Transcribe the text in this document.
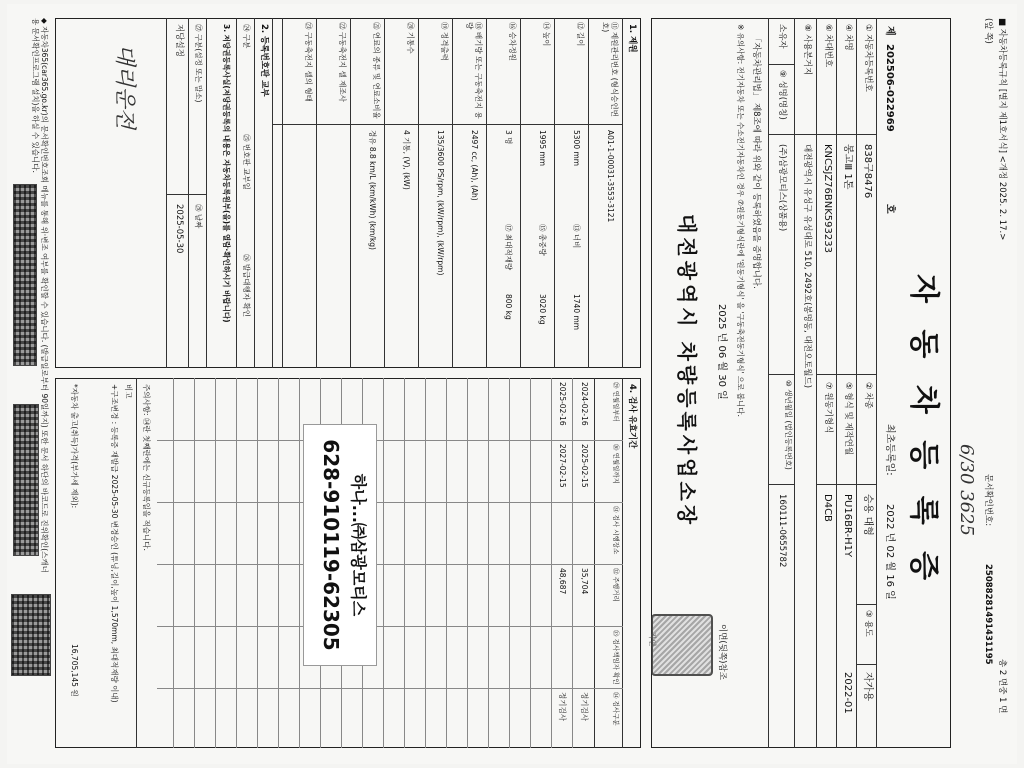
■ 자동차등록규칙 [별지 제1호서식] <개정 2025. 2. 17.>
총 2 면중 1 면
문서확인번호:
25088281491431195
(앞 쪽)
6/30 3625
자 동 차 등 록 증
제
202506-022969
호
최초등록일:
2022 년 02 월 16 일
① 자동차등록번호
838구8476
② 차종
승용 대형
③ 용도
자가용
④ 차명
봉고Ⅲ 1톤
⑤ 형식 및 제작연월
PU16BR-H1Y
2022-01
⑥ 차대번호
KNCSJZ76BNK593233
⑦ 원동기형식
D4CB
⑧ 사용본거지
대전광역시 유성구 유성대로 510, 2492호(봉명동, 대전오토월드)
소유자
⑨ 성명(명칭)
(주)삼광모티스(상품용)
⑩ 생년월일 (법인등록번호)
160111-0655782
「자동차관리법」 제8조에 따라 위와 같이 등록하였음을 증명합니다.
※ 유의사항: 전기자동차 또는 수소전기자동차인 경우 ⑦원동기형식란에 '원동기형식' 을 '구동축전동기형식' 으로 봅니다.
2025 년 06 월 30 일
이면(뒷쪽)참조
대전광역시 차량등록사업소장
직인
1. 제원
⑪ 제원관리번호 (형식승인번호)
A01-1-00031-3553-3121
⑫ 길이
5300 mm
⑬ 너비
1740 mm
⑭ 높이
1995 mm
⑮ 총중량
3020 kg
⑯ 승차정원
3 명
⑰ 최대적재량
800 kg
⑱ 배기량 또는 구동축전지 용량
2497 cc, (Ah), (Ah)
⑲ 정격출력
135/3600 PS/rpm, (kW/rpm), (kW/rpm)
⑳ 기통수
4 기통, (V), (kW)
㉑ 연료의 종류 및 연료소비율
경유 8.8 km/L (km/kWh) (km/kg)
㉒ 구동축전지 셀 제조사
㉓ 구동축전지 셀의 형태
2. 등록번호판 교부
㉔ 구분
㉕ 번호판 교부일
㉖ 발급대행자 확인
3. 저당권등록사실(저당권등록의 내용은 자동차등록원부(을)를 열람·확인하시기 바랍니다)
㉗ 구분(설정 또는 말소)
㉘ 날짜
저당설정
2025-05-30
대리운전
4. 검사 유효기간
㉙ 연월일부터
㉚ 연월일까지
㉛ 검사 시행장소
㉜ 주행거리
㉝ 검사책임자 확인
㉞ 검사구분
2024-02-16
2025-02-15
35,704
정기검사
2025-02-16
2027-02-15
48,687
정기검사
주의사항: ㉞란 첫째란에는 신규등록일을 적습니다.
비고
+구조변경 : 등록증 재발급 2025-05-30 변경승인 (튜닝,길이,높이 1,570mm, 최대적재량 이내)
*자동차 출고(취득)가격(부가세 제외):
16,705,145 원
하나...㈜삼광모티스
628-910119-62305
◆ 자동차365(car365.go.kr)의 문서확인번호조회 메뉴를 통해 위·변조 여부를 확인할 수 있습니다. (발급일로부터 90일까지) 또한 문서 하단의 바코드로 진위확인(스캐너용 문서확인프로그램 설치)을 하실 수 있습니다.
